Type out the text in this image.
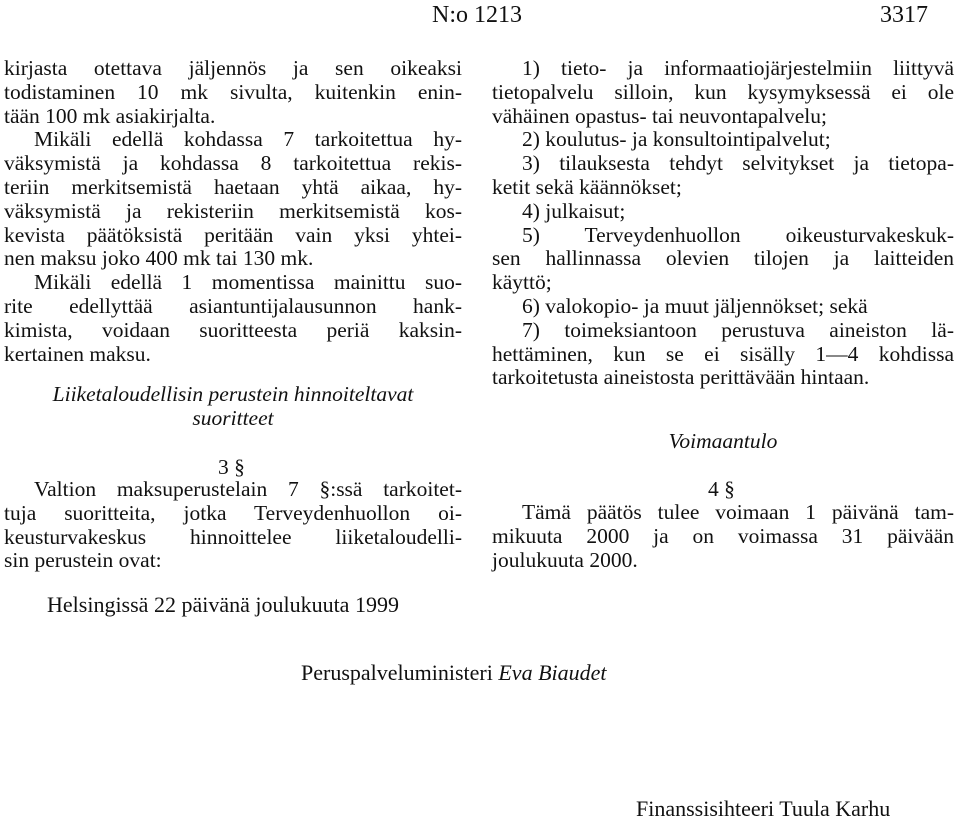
N:o 1213	3317
kirjasta otettava jäljennös ja sen oikeaksi
todistaminen 10 mk sivulta, kuitenkin enin-
tään 100 mk asiakirjalta.
Mikäli edellä kohdassa 7 tarkoitettua hy-
väksymistä ja kohdassa 8 tarkoitettua rekis-
teriin merkitsemistä haetaan yhtä aikaa, hy-
väksymistä ja rekisteriin merkitsemistä kos-
kevista päätöksistä peritään vain yksi yhtei-
nen maksu joko 400 mk tai 130 mk.
Mikäli edellä 1 momentissa mainittu suo-
rite edellyttää asiantuntijalausunnon hank-
kimista, voidaan suoritteesta periä kaksin-
kertainen maksu.
Liiketaloudellisin perustein hinnoiteltavat
suoritteet
3 §
Valtion maksuperustelain 7 §:ssä tarkoitet-
tuja suoritteita, jotka Terveydenhuollon oi-
keusturvakeskus hinnoittelee liiketaloudelli-
sin perustein ovat:
1) tieto- ja informaatiojärjestelmiin liittyvä
tietopalvelu silloin, kun kysymyksessä ei ole
vähäinen opastus- tai neuvontapalvelu;
2) koulutus- ja konsultointipalvelut;
3) tilauksesta tehdyt selvitykset ja tietopa-
ketit sekä käännökset;
4) julkaisut;
5) Terveydenhuollon oikeusturvakeskuk-
sen hallinnassa olevien tilojen ja laitteiden
käyttö;
6) valokopio- ja muut jäljennökset; sekä
7) toimeksiantoon perustuva aineiston lä-
hettäminen, kun se ei sisälly 1—4 kohdissa
tarkoitetusta aineistosta perittävään hintaan.
Voimaantulo
4 §
Tämä päätös tulee voimaan 1 päivänä tam-
mikuuta 2000 ja on voimassa 31 päivään
joulukuuta 2000.
Helsingissä 22 päivänä joulukuuta 1999
Peruspalveluministeri Eva Biaudet
Finanssisihteeri Tuula Karhu
